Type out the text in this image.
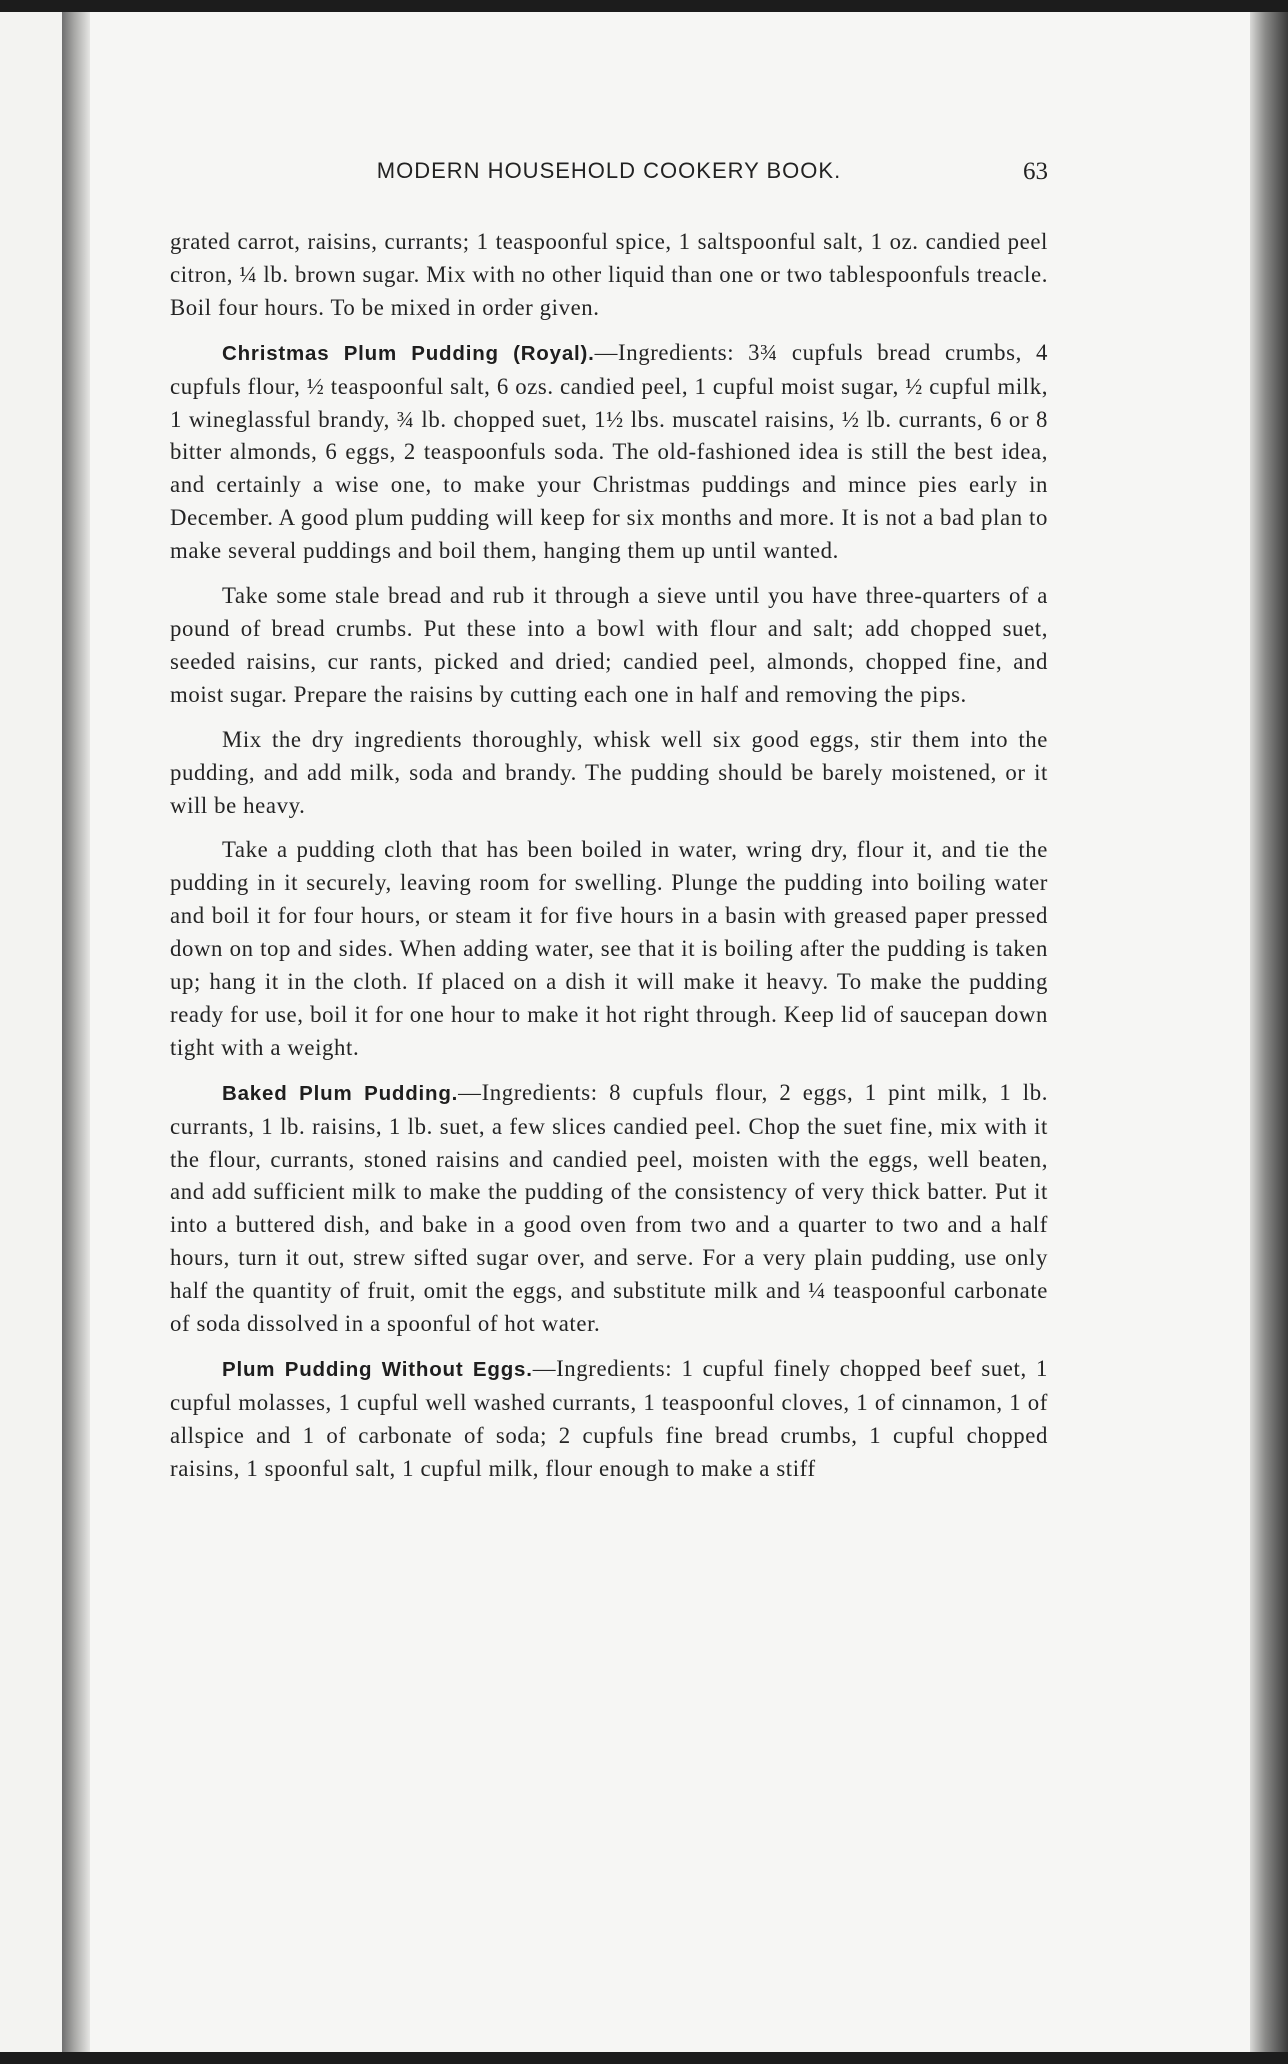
MODERN HOUSEHOLD COOKERY BOOK.	63

grated carrot, raisins, currants; 1 teaspoonful spice, 1 saltspoonful salt, 1 oz. candied peel citron, ¼ lb. brown sugar. Mix with no other liquid than one or two tablespoonfuls treacle. Boil four hours. To be mixed in order given.

Christmas Plum Pudding (Royal).—Ingredients: 3¾ cupfuls bread crumbs, 4 cupfuls flour, ½ teaspoonful salt, 6 ozs. candied peel, 1 cupful moist sugar, ½ cupful milk, 1 wineglassful brandy, ¾ lb. chopped suet, 1½ lbs. muscatel raisins, ½ lb. currants, 6 or 8 bitter almonds, 6 eggs, 2 teaspoonfuls soda. The old-fashioned idea is still the best idea, and certainly a wise one, to make your Christmas puddings and mince pies early in December. A good plum pudding will keep for six months and more. It is not a bad plan to make several puddings and boil them, hanging them up until wanted.

Take some stale bread and rub it through a sieve until you have three-quarters of a pound of bread crumbs. Put these into a bowl with flour and salt; add chopped suet, seeded raisins, cur rants, picked and dried; candied peel, almonds, chopped fine, and moist sugar. Prepare the raisins by cutting each one in half and removing the pips.

Mix the dry ingredients thoroughly, whisk well six good eggs, stir them into the pudding, and add milk, soda and brandy. The pudding should be barely moistened, or it will be heavy.

Take a pudding cloth that has been boiled in water, wring dry, flour it, and tie the pudding in it securely, leaving room for swelling. Plunge the pudding into boiling water and boil it for four hours, or steam it for five hours in a basin with greased paper pressed down on top and sides. When adding water, see that it is boiling after the pudding is taken up; hang it in the cloth. If placed on a dish it will make it heavy. To make the pudding ready for use, boil it for one hour to make it hot right through. Keep lid of saucepan down tight with a weight.

Baked Plum Pudding.—Ingredients: 8 cupfuls flour, 2 eggs, 1 pint milk, 1 lb. currants, 1 lb. raisins, 1 lb. suet, a few slices candied peel. Chop the suet fine, mix with it the flour, currants, stoned raisins and candied peel, moisten with the eggs, well beaten, and add sufficient milk to make the pudding of the consistency of very thick batter. Put it into a buttered dish, and bake in a good oven from two and a quarter to two and a half hours, turn it out, strew sifted sugar over, and serve. For a very plain pudding, use only half the quantity of fruit, omit the eggs, and substitute milk and ¼ teaspoonful carbonate of soda dissolved in a spoonful of hot water.

Plum Pudding Without Eggs.—Ingredients: 1 cupful finely chopped beef suet, 1 cupful molasses, 1 cupful well washed currants, 1 teaspoonful cloves, 1 of cinnamon, 1 of allspice and 1 of carbonate of soda; 2 cupfuls fine bread crumbs, 1 cupful chopped raisins, 1 spoonful salt, 1 cupful milk, flour enough to make a stiff
